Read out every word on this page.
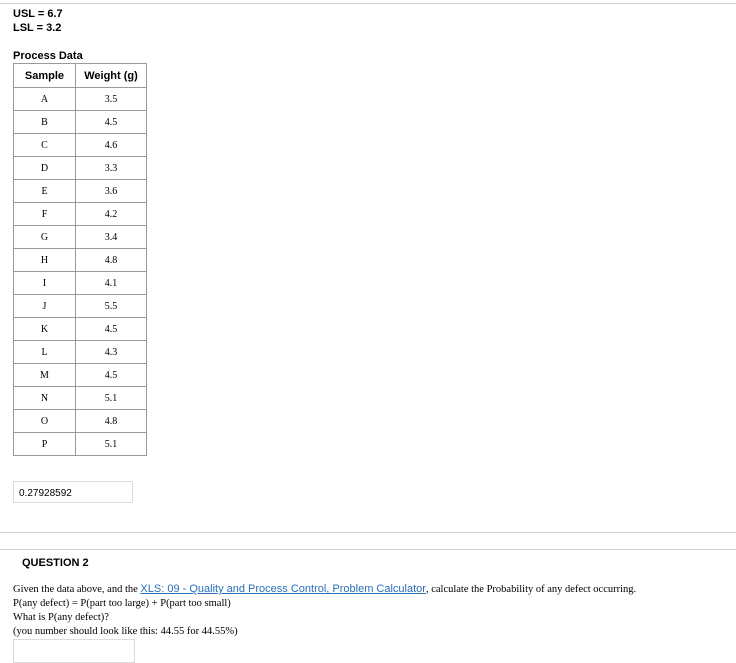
USL = 6.7
LSL = 3.2
Process Data
Sample	Weight (g)
A	3.5
B	4.5
C	4.6
D	3.3
E	3.6
F	4.2
G	3.4
H	4.8
I	4.1
J	5.5
K	4.5
L	4.3
M	4.5
N	5.1
O	4.8
P	5.1
0.27928592
QUESTION 2

Given the data above, and the XLS: 09 - Quality and Process Control, Problem Calculator, calculate the Probability of any defect occurring.

P(any defect) = P(part too large) + P(part too small)

What is P(any defect)?

(you number should look like this: 44.55 for 44.55%)
